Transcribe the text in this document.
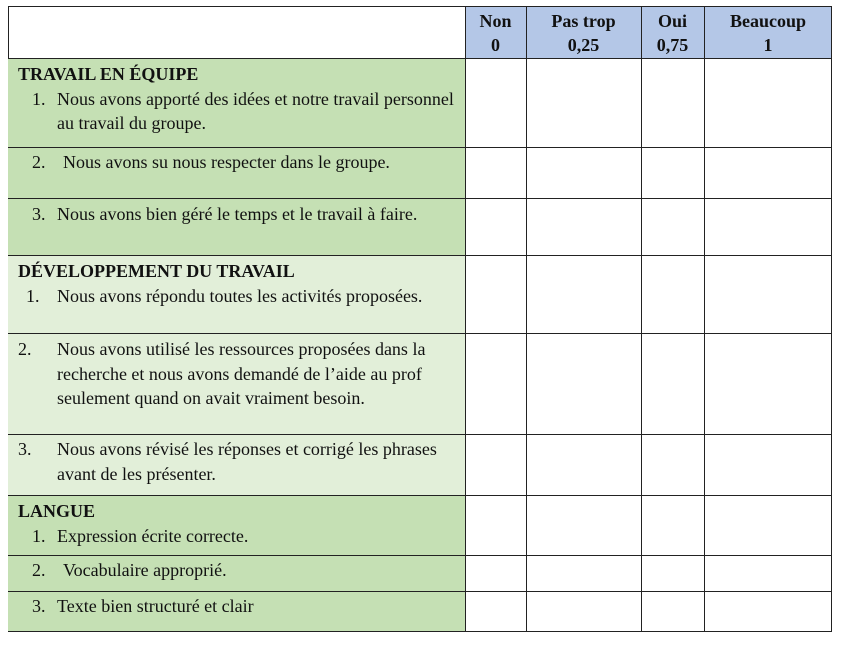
Non
0
Pas trop
0,25
Oui
0,75
Beaucoup
1
TRAVAIL EN ÉQUIPE
1. Nous avons apporté des idées et notre travail personnel au travail du groupe.
2. Nous avons su nous respecter dans le groupe.
3. Nous avons bien géré le temps et le travail à faire.
DÉVELOPPEMENT DU TRAVAIL
1. Nous avons répondu toutes les activités proposées.
2. Nous avons utilisé les ressources proposées dans la recherche et nous avons demandé de l’aide au prof seulement quand on avait vraiment besoin.
3. Nous avons révisé les réponses et corrigé les phrases avant de les présenter.
LANGUE
1. Expression écrite correcte.
2. Vocabulaire approprié.
3. Texte bien structuré et clair
